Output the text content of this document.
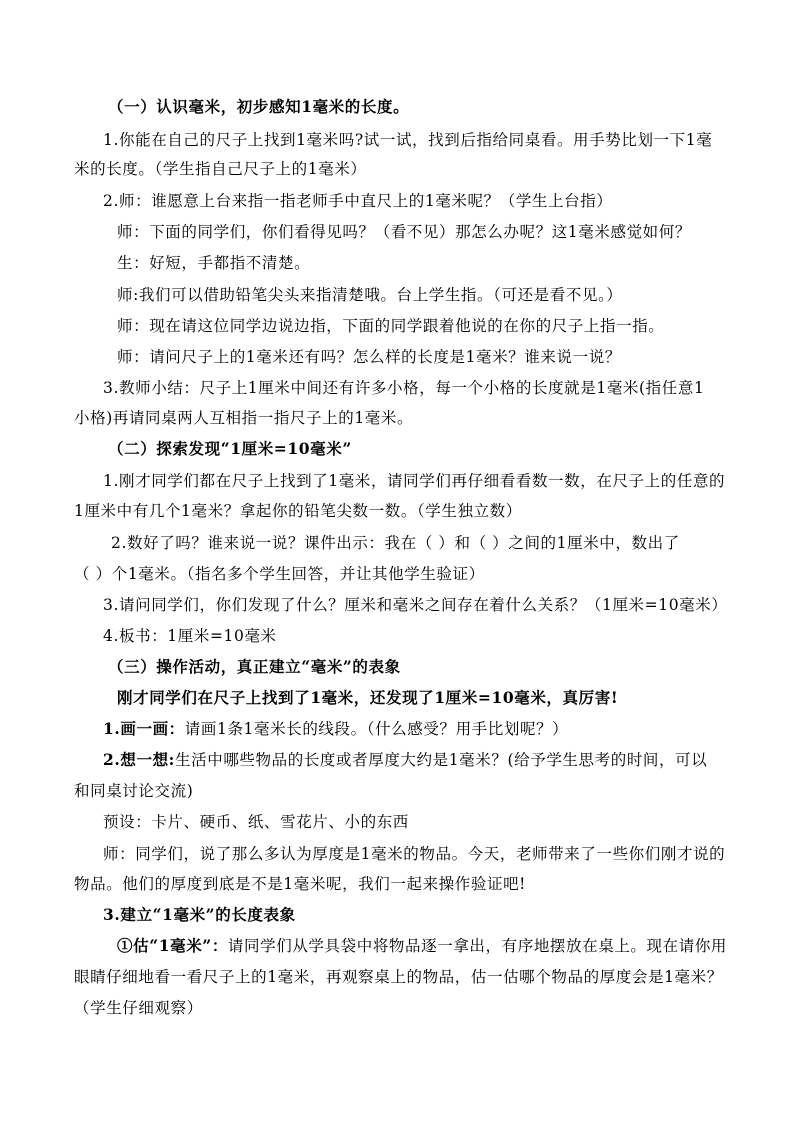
（一）认识毫米，初步感知1毫米的长度。
1.你能在自己的尺子上找到1毫米吗?试一试，找到后指给同桌看。用手势比划一下1毫
米的长度。（学生指自己尺子上的1毫米）
2.师：谁愿意上台来指一指老师手中直尺上的1毫米呢？（学生上台指）
师：下面的同学们，你们看得见吗？（看不见）那怎么办呢？这1毫米感觉如何？
生：好短，手都指不清楚。
师:我们可以借助铅笔尖头来指清楚哦。台上学生指。（可还是看不见。）
师：现在请这位同学边说边指，下面的同学跟着他说的在你的尺子上指一指。
师：请问尺子上的1毫米还有吗？怎么样的长度是1毫米？谁来说一说？
3.教师小结：尺子上1厘米中间还有许多小格，每一个小格的长度就是1毫米(指任意1
小格)再请同桌两人互相指一指尺子上的1毫米。
（二）探索发现“1厘米=10毫米”
1.刚才同学们都在尺子上找到了1毫米，请同学们再仔细看看数一数，在尺子上的任意的
1厘米中有几个1毫米？拿起你的铅笔尖数一数。（学生独立数）
2.数好了吗？谁来说一说？课件出示：我在（ ）和（ ）之间的1厘米中，数出了
（ ）个1毫米。（指名多个学生回答，并让其他学生验证）
3.请问同学们，你们发现了什么？厘米和毫米之间存在着什么关系？（1厘米=10毫米）
4.板书：1厘米=10毫米
（三）操作活动，真正建立“毫米”的表象
刚才同学们在尺子上找到了1毫米，还发现了1厘米=10毫米，真厉害!
1.画一画：请画1条1毫米长的线段。（什么感受？用手比划呢？）
2.想一想:生活中哪些物品的长度或者厚度大约是1毫米？(给予学生思考的时间，可以
和同桌讨论交流)
预设：卡片、硬币、纸、雪花片、小的东西
师：同学们，说了那么多认为厚度是1毫米的物品。今天，老师带来了一些你们刚才说的
物品。他们的厚度到底是不是1毫米呢，我们一起来操作验证吧!
3.建立“1毫米”的长度表象
①估“1毫米”：请同学们从学具袋中将物品逐一拿出，有序地摆放在桌上。现在请你用
眼睛仔细地看一看尺子上的1毫米，再观察桌上的物品，估一估哪个物品的厚度会是1毫米？
（学生仔细观察）
